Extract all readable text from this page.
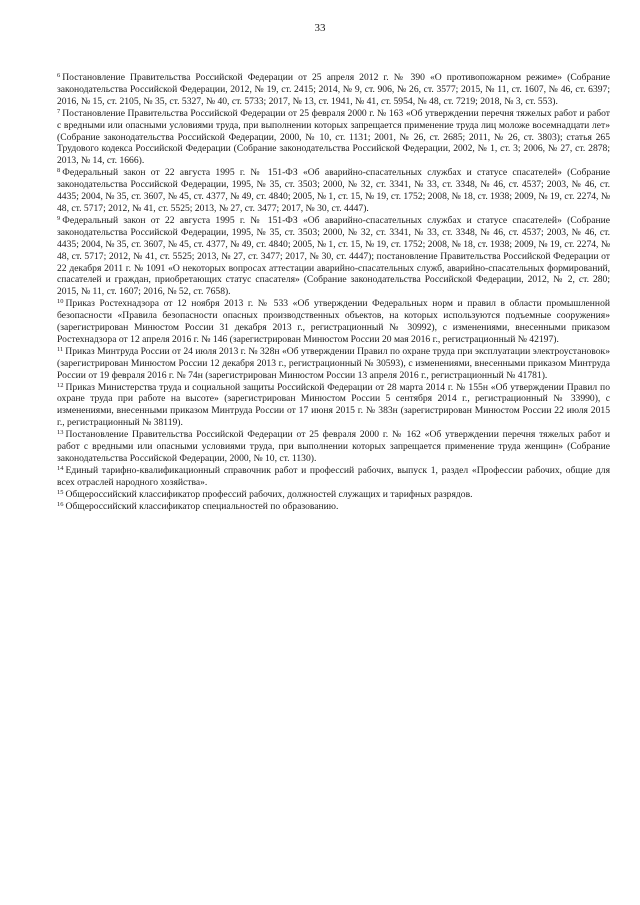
33

$^6$ Постановление Правительства Российской Федерации от 25 апреля 2012 г. № 390 «О противопожарном режиме» (Собрание законодательства Российской Федерации, 2012, № 19, ст. 2415; 2014, № 9, ст. 906, № 26, ст. 3577; 2015, № 11, ст. 1607, № 46, ст. 6397; 2016, № 15, ст. 2105, № 35, ст. 5327, № 40, ст. 5733; 2017, № 13, ст. 1941, № 41, ст. 5954, № 48, ст. 7219; 2018, № 3, ст. 553).

$^7$ Постановление Правительства Российской Федерации от 25 февраля 2000 г. № 163 «Об утверждении перечня тяжелых работ и работ с вредными или опасными условиями труда, при выполнении которых запрещается применение труда лиц моложе восемнадцати лет» (Собрание законодательства Российской Федерации, 2000, № 10, ст. 1131; 2001, № 26, ст. 2685; 2011, № 26, ст. 3803); статья 265 Трудового кодекса Российской Федерации (Собрание законодательства Российской Федерации, 2002, № 1, ст. 3; 2006, № 27, ст. 2878; 2013, № 14, ст. 1666).

$^8$ Федеральный закон от 22 августа 1995 г. № 151-ФЗ «Об аварийно-спасательных службах и статусе спасателей» (Собрание законодательства Российской Федерации, 1995, № 35, ст. 3503; 2000, № 32, ст. 3341, № 33, ст. 3348, № 46, ст. 4537; 2003, № 46, ст. 4435; 2004, № 35, ст. 3607, № 45, ст. 4377, № 49, ст. 4840; 2005, № 1, ст. 15, № 19, ст. 1752; 2008, № 18, ст. 1938; 2009, № 19, ст. 2274, № 48, ст. 5717; 2012, № 41, ст. 5525; 2013, № 27, ст. 3477; 2017, № 30, ст. 4447).

$^9$ Федеральный закон от 22 августа 1995 г. № 151-ФЗ «Об аварийно-спасательных службах и статусе спасателей» (Собрание законодательства Российской Федерации, 1995, № 35, ст. 3503; 2000, № 32, ст. 3341, № 33, ст. 3348, № 46, ст. 4537; 2003, № 46, ст. 4435; 2004, № 35, ст. 3607, № 45, ст. 4377, № 49, ст. 4840; 2005, № 1, ст. 15, № 19, ст. 1752; 2008, № 18, ст. 1938; 2009, № 19, ст. 2274, № 48, ст. 5717; 2012, № 41, ст. 5525; 2013, № 27, ст. 3477; 2017, № 30, ст. 4447); постановление Правительства Российской Федерации от 22 декабря 2011 г. № 1091 «О некоторых вопросах аттестации аварийно-спасательных служб, аварийно-спасательных формирований, спасателей и граждан, приобретающих статус спасателя» (Собрание законодательства Российской Федерации, 2012, № 2, ст. 280; 2015, № 11, ст. 1607; 2016, № 52, ст. 7658).

$^{10}$ Приказ Ростехнадзора от 12 ноября 2013 г. № 533 «Об утверждении Федеральных норм и правил в области промышленной безопасности «Правила безопасности опасных производственных объектов, на которых используются подъемные сооружения» (зарегистрирован Минюстом России 31 декабря 2013 г., регистрационный № 30992), с изменениями, внесенными приказом Ростехнадзора от 12 апреля 2016 г. № 146 (зарегистрирован Минюстом России 20 мая 2016 г., регистрационный № 42197).

$^{11}$ Приказ Минтруда России от 24 июля 2013 г. № 328н «Об утверждении Правил по охране труда при эксплуатации электроустановок» (зарегистрирован Минюстом России 12 декабря 2013 г., регистрационный № 30593), с изменениями, внесенными приказом Минтруда России от 19 февраля 2016 г. № 74н (зарегистрирован Минюстом России 13 апреля 2016 г., регистрационный № 41781).

$^{12}$ Приказ Министерства труда и социальной защиты Российской Федерации от 28 марта 2014 г. № 155н «Об утверждении Правил по охране труда при работе на высоте» (зарегистрирован Минюстом России 5 сентября 2014 г., регистрационный № 33990), с изменениями, внесенными приказом Минтруда России от 17 июня 2015 г. № 383н (зарегистрирован Минюстом России 22 июля 2015 г., регистрационный № 38119).

$^{13}$ Постановление Правительства Российской Федерации от 25 февраля 2000 г. № 162 «Об утверждении перечня тяжелых работ и работ с вредными или опасными условиями труда, при выполнении которых запрещается применение труда женщин» (Собрание законодательства Российской Федерации, 2000, № 10, ст. 1130).

$^{14}$ Единый тарифно-квалификационный справочник работ и профессий рабочих, выпуск 1, раздел «Профессии рабочих, общие для всех отраслей народного хозяйства».

$^{15}$ Общероссийский классификатор профессий рабочих, должностей служащих и тарифных разрядов.

$^{16}$ Общероссийский классификатор специальностей по образованию.
